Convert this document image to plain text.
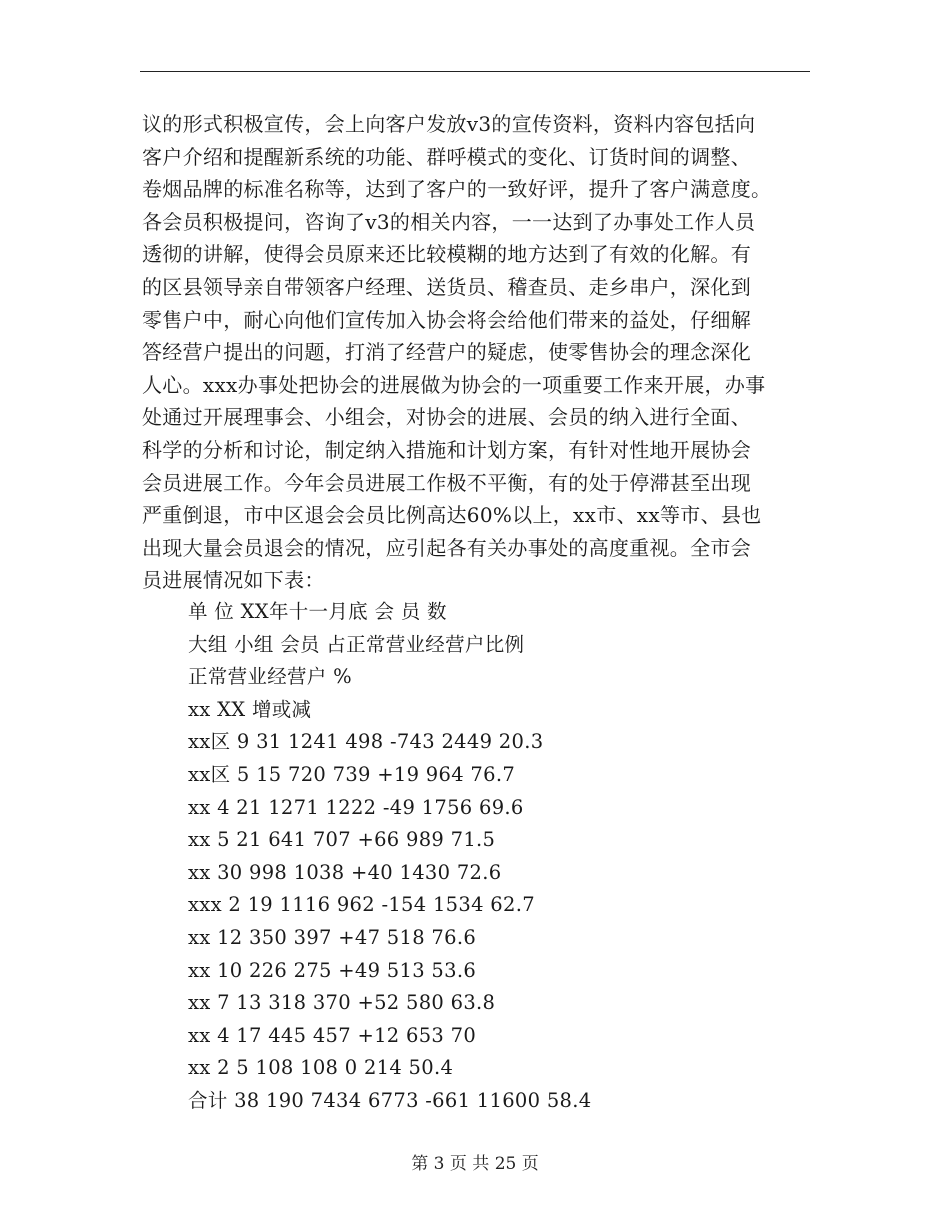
议的形式积极宣传，会上向客户发放v3的宣传资料，资料内容包括向
客户介绍和提醒新系统的功能、群呼模式的变化、订货时间的调整、
卷烟品牌的标准名称等，达到了客户的一致好评，提升了客户满意度。
各会员积极提问，咨询了v3的相关内容，一一达到了办事处工作人员
透彻的讲解，使得会员原来还比较模糊的地方达到了有效的化解。有
的区县领导亲自带领客户经理、送货员、稽查员、走乡串户，深化到
零售户中，耐心向他们宣传加入协会将会给他们带来的益处，仔细解
答经营户提出的问题，打消了经营户的疑虑，使零售协会的理念深化
人心。xxx办事处把协会的进展做为协会的一项重要工作来开展，办事
处通过开展理事会、小组会，对协会的进展、会员的纳入进行全面、
科学的分析和讨论，制定纳入措施和计划方案，有针对性地开展协会
会员进展工作。今年会员进展工作极不平衡，有的处于停滞甚至出现
严重倒退，市中区退会会员比例高达60%以上，xx市、xx等市、县也
出现大量会员退会的情况，应引起各有关办事处的高度重视。全市会
员进展情况如下表：
单 位 XX年十一月底 会 员 数
大组 小组 会员 占正常营业经营户比例
正常营业经营户 %
xx XX 增或减
xx区 9 31 1241 498 -743 2449 20.3
xx区 5 15 720 739 +19 964 76.7
xx 4 21 1271 1222 -49 1756 69.6
xx 5 21 641 707 +66 989 71.5
xx 30 998 1038 +40 1430 72.6
xxx 2 19 1116 962 -154 1534 62.7
xx 12 350 397 +47 518 76.6
xx 10 226 275 +49 513 53.6
xx 7 13 318 370 +52 580 63.8
xx 4 17 445 457 +12 653 70
xx 2 5 108 108 0 214 50.4
合计 38 190 7434 6773 -661 11600 58.4
第 3 页 共 25 页
